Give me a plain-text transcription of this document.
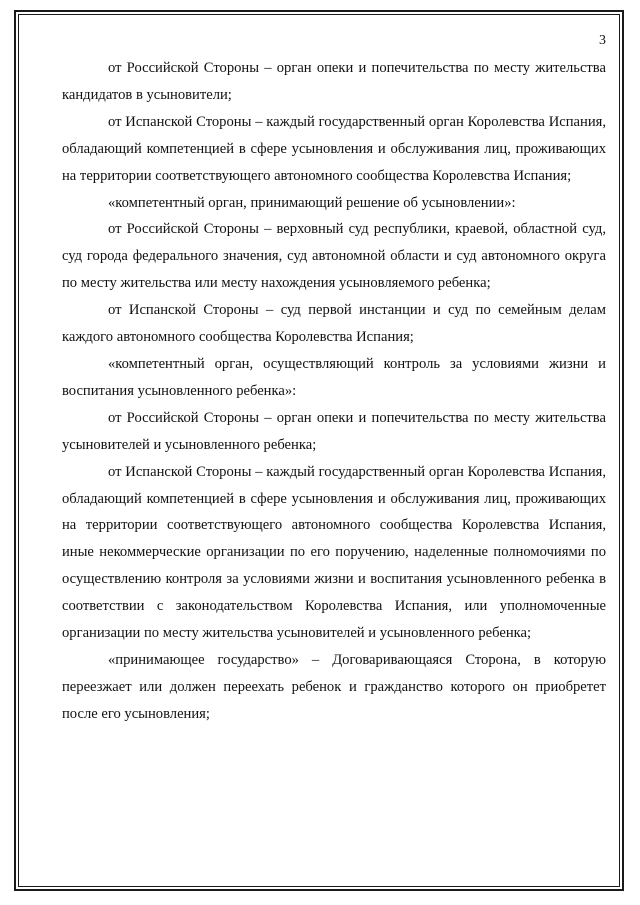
3

от Российской Стороны – орган опеки и попечительства по месту жительства кандидатов в усыновители;

от Испанской Стороны – каждый государственный орган Королевства Испания, обладающий компетенцией в сфере усыновления и обслуживания лиц, проживающих на территории соответствующего автономного сообщества Королевства Испания;

«компетентный орган, принимающий решение об усыновлении»:

от Российской Стороны – верховный суд республики, краевой, областной суд, суд города федерального значения, суд автономной области и суд автономного округа по месту жительства или месту нахождения усыновляемого ребенка;

от Испанской Стороны – суд первой инстанции и суд по семейным делам каждого автономного сообщества Королевства Испания;

«компетентный орган, осуществляющий контроль за условиями жизни и воспитания усыновленного ребенка»:

от Российской Стороны – орган опеки и попечительства по месту жительства усыновителей и усыновленного ребенка;

от Испанской Стороны – каждый государственный орган Королевства Испания, обладающий компетенцией в сфере усыновления и обслуживания лиц, проживающих на территории соответствующего автономного сообщества Королевства Испания, иные некоммерческие организации по его поручению, наделенные полномочиями по осуществлению контроля за условиями жизни и воспитания усыновленного ребенка в соответствии с законодательством Королевства Испания, или уполномоченные организации по месту жительства усыновителей и усыновленного ребенка;

«принимающее государство» – Договаривающаяся Сторона, в которую переезжает или должен переехать ребенок и гражданство которого он приобретет после его усыновления;
